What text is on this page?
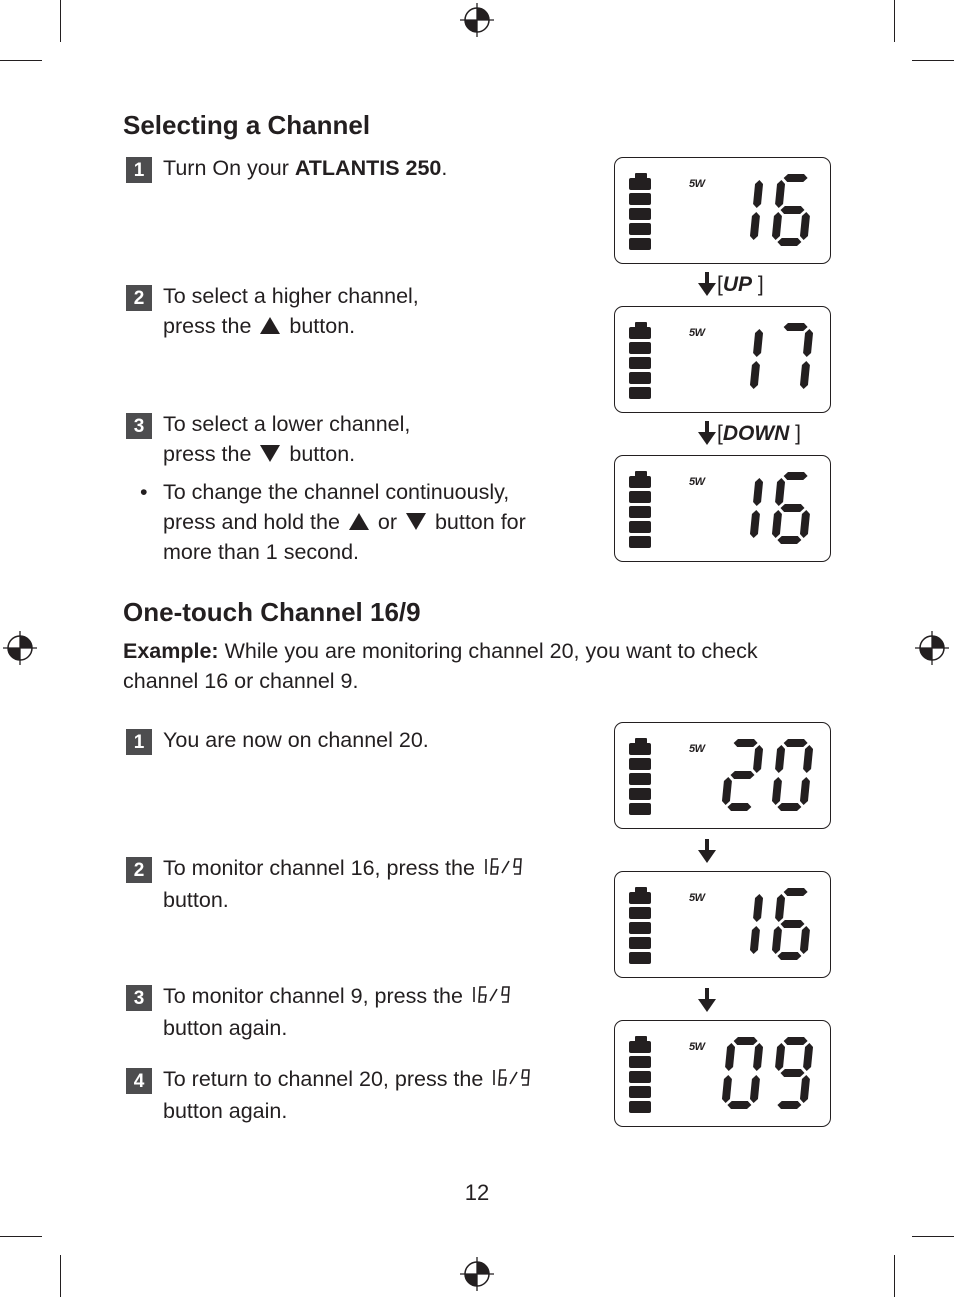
Selecting a Channel
1 Turn On your ATLANTIS 250.
2 To select a higher channel,
press the  button.
3 To select a lower channel,
press the  button.
• To change the channel continuously,
press and hold the  or  button for
more than 1 second.
5W
[UP ]
5W
[DOWN ]
5W
One-touch Channel 16/9
Example: While you are monitoring channel 20, you want to check
channel 16 or channel 9.
1 You are now on channel 20.
2 To monitor channel 16, press the
button.
3 To monitor channel 9, press the
button again.
4 To return to channel 20, press the
button again.
5W
5W
5W
12
